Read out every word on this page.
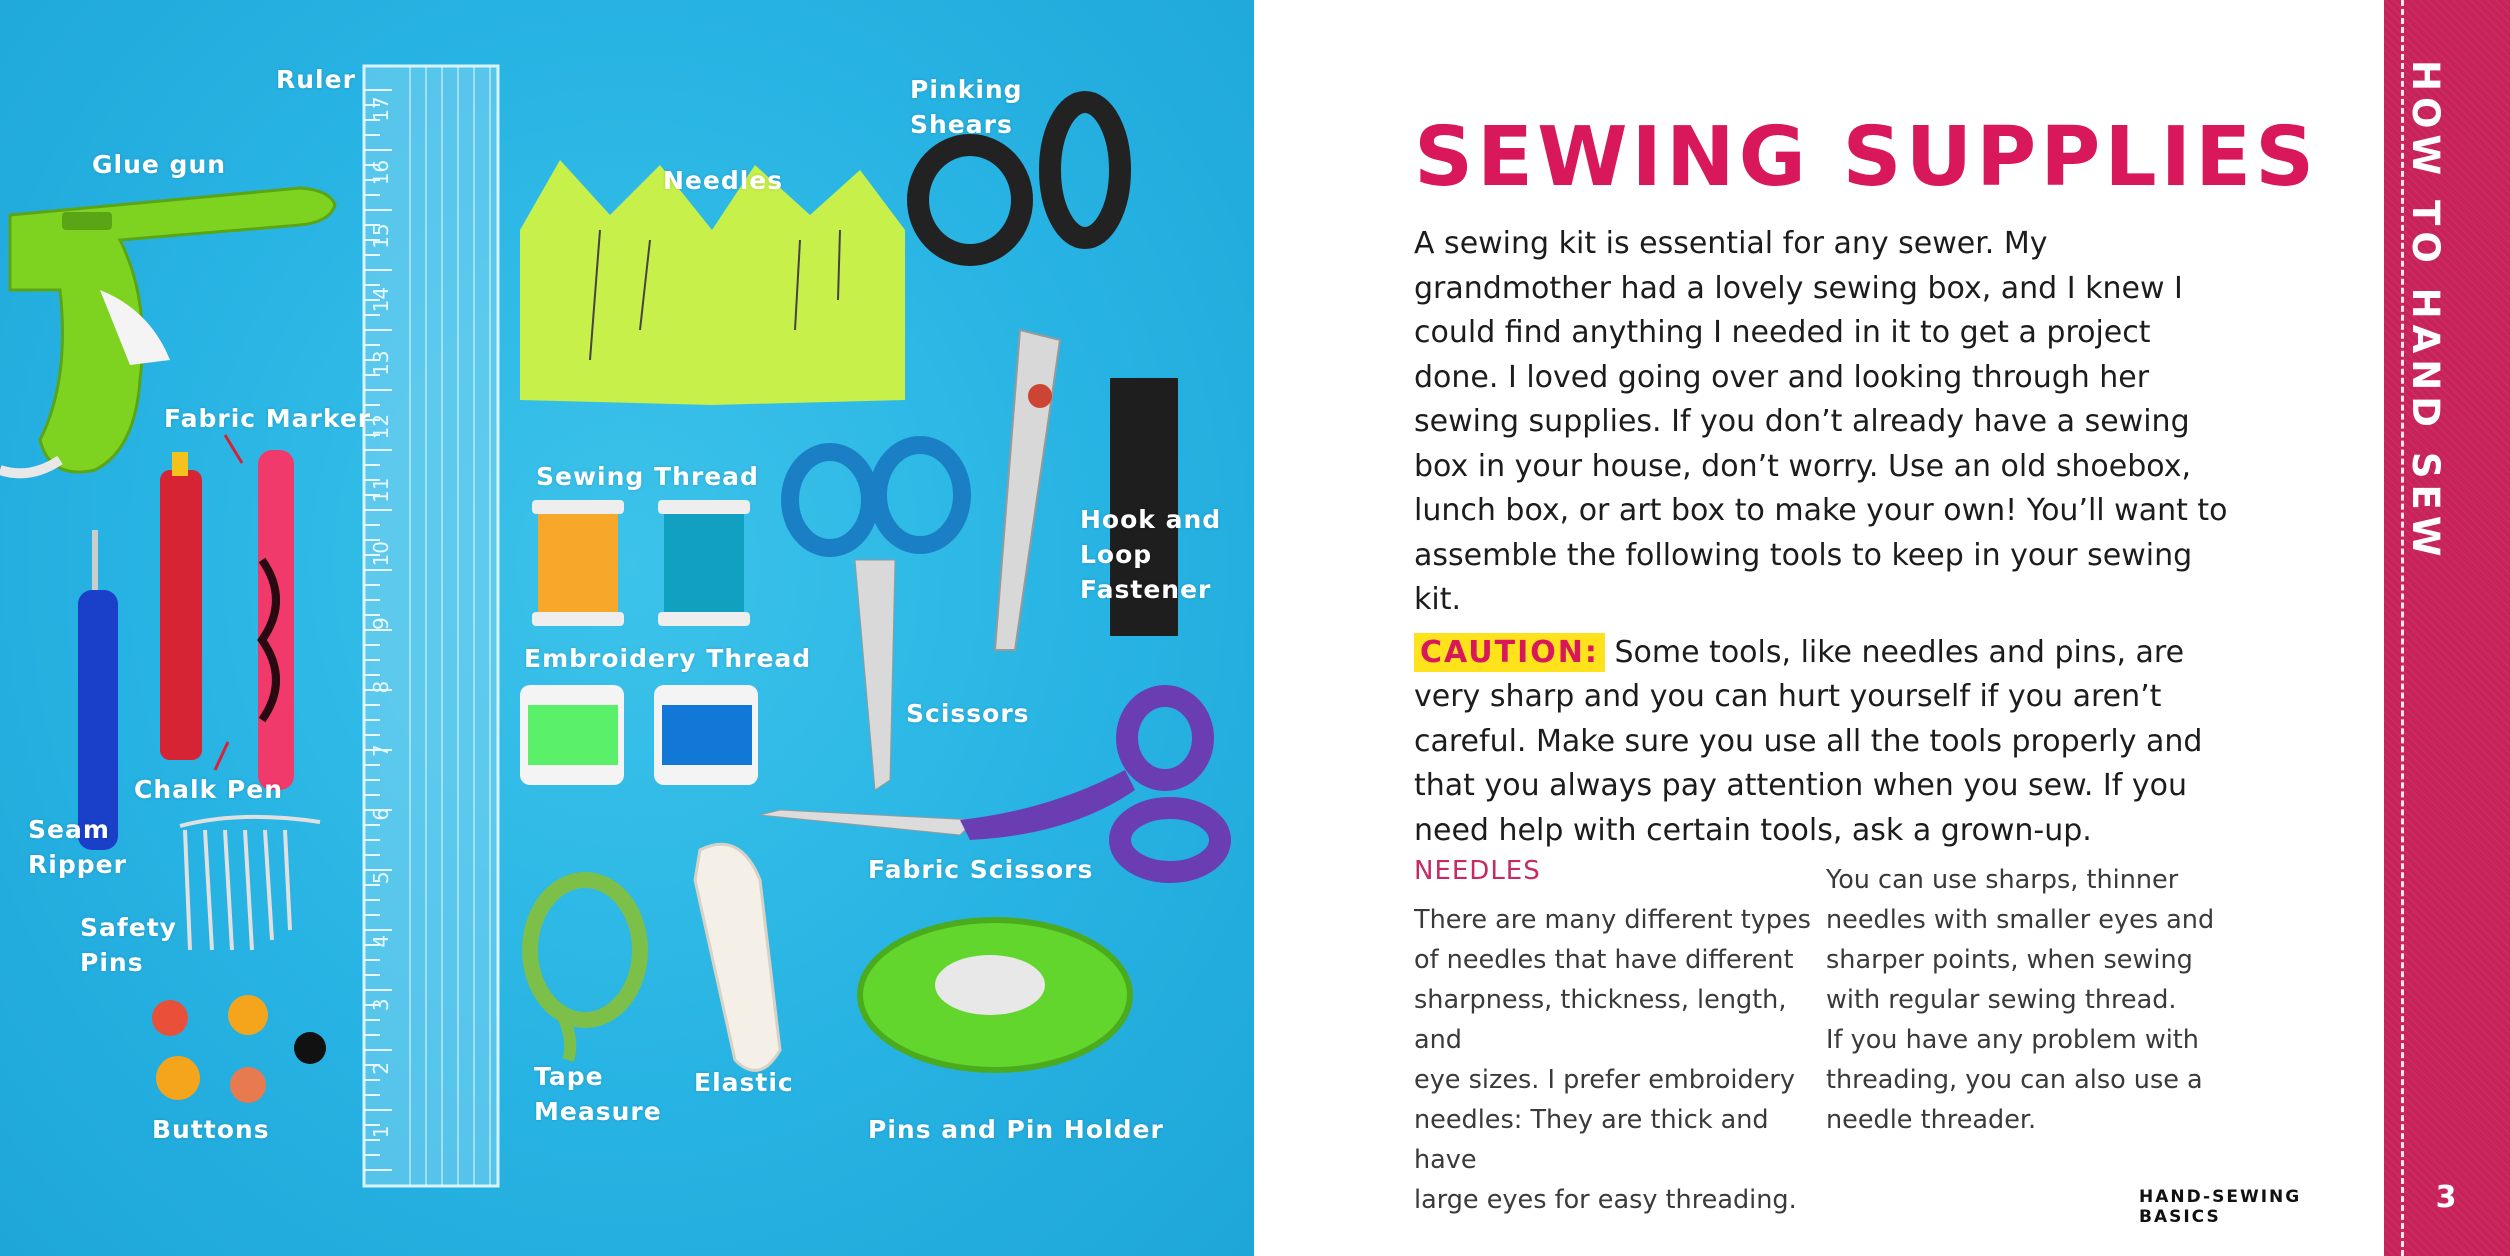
17
16
15
14
13
12
11
10
9
8
7
6
5
4
3
2
1
Ruler
Glue gun
Needles
Pinking
Shears
Fabric Marker
Sewing Thread
Hook and
Loop
Fastener
Embroidery Thread
Scissors
Chalk Pen
Seam
Ripper	Fabric Scissors
Safety
Pins
Tape
Measure
Elastic
Buttons	Pins and Pin Holder
SEWING SUPPLIES

A sewing kit is essential for any sewer. My grandmother had a lovely sewing box, and I knew I could find anything I needed in it to get a project done. I loved going over and looking through her sewing supplies. If you don’t already have a sewing box in your house, don’t worry. Use an old shoebox, lunch box, or art box to make your own! You’ll want to assemble the following tools to keep in your sewing kit.

CAUTION: Some tools, like needles and pins, are very sharp and you can hurt yourself if you aren’t careful. Make sure you use all the tools properly and that you always pay attention when you sew. If you need help with certain tools, ask a grown-up.

NEEDLES
There are many different types
of needles that have different
sharpness, thickness, length, and
eye sizes. I prefer embroidery
needles: They are thick and have
large eyes for easy threading.
You can use sharps, thinner
needles with smaller eyes and
sharper points, when sewing
with regular sewing thread.
If you have any problem with
threading, you can also use a
needle threader.
HAND-SEWING BASICS
HOW TO HAND SEW
3
